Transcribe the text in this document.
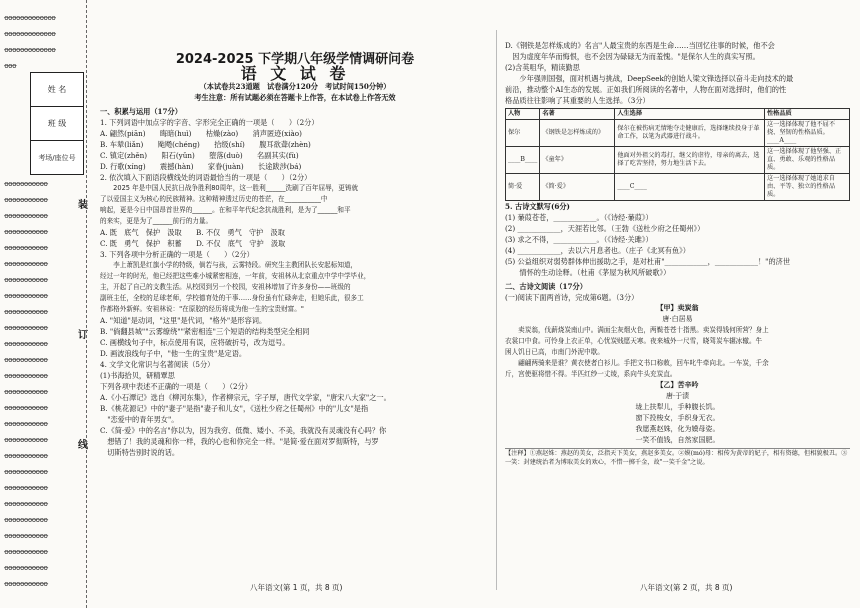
ꝋꝋꝋꝋꝋꝋꝋꝋꝋꝋꝋꝋꝋ
ꝋꝋꝋꝋꝋꝋꝋꝋꝋꝋꝋꝋꝋ
ꝋꝋꝋꝋꝋꝋꝋꝋꝋꝋꝋꝋꝋ
ꝋꝋꝋ
ꝋꝋꝋꝋꝋꝋꝋꝋꝋꝋꝋ
ꝋꝋꝋꝋꝋꝋꝋꝋꝋꝋꝋ
ꝋꝋꝋꝋꝋꝋꝋꝋꝋꝋꝋ
ꝋꝋꝋꝋꝋꝋꝋꝋꝋꝋꝋ
ꝋꝋꝋꝋꝋꝋꝋꝋꝋꝋꝋ
ꝋꝋꝋꝋꝋꝋꝋꝋꝋꝋꝋ
ꝋꝋꝋꝋꝋꝋꝋꝋꝋꝋꝋ
ꝋꝋꝋꝋꝋꝋꝋꝋꝋꝋꝋ
ꝋꝋꝋꝋꝋꝋꝋꝋꝋꝋꝋ
ꝋꝋꝋꝋꝋꝋꝋꝋꝋꝋꝋ
ꝋꝋꝋꝋꝋꝋꝋꝋꝋꝋꝋ
ꝋꝋꝋꝋꝋꝋꝋꝋꝋꝋꝋ
ꝋꝋꝋꝋꝋꝋꝋꝋꝋꝋꝋ
ꝋꝋꝋꝋꝋꝋꝋꝋꝋꝋꝋ
ꝋꝋꝋꝋꝋꝋꝋꝋꝋꝋꝋ
ꝋꝋꝋꝋꝋꝋꝋꝋꝋꝋꝋ
ꝋꝋꝋꝋꝋꝋꝋꝋꝋꝋꝋ
ꝋꝋꝋꝋꝋꝋꝋꝋꝋꝋꝋ
ꝋꝋꝋꝋꝋꝋꝋꝋꝋꝋꝋ
ꝋꝋꝋꝋꝋꝋꝋꝋꝋꝋꝋ
ꝋꝋꝋꝋꝋꝋꝋꝋꝋꝋꝋ
ꝋꝋꝋꝋꝋꝋꝋꝋꝋꝋꝋ
ꝋꝋꝋꝋꝋꝋꝋꝋꝋꝋꝋ
ꝋꝋꝋꝋꝋꝋꝋꝋꝋꝋꝋ
ꝋꝋꝋꝋꝋꝋꝋꝋꝋꝋꝋ
ꝋꝋꝋꝋꝋꝋꝋꝋꝋꝋꝋ
姓 名
班 级
考场/座位号
装
订
线
2024-2025 下学期八年级学情调研问卷
语 文 试 卷
（本试卷共23道题　试卷满分120分　考试时间150分钟）
考生注意：所有试题必须在答题卡上作答，在本试卷上作答无效
一、积累与运用（17分）
1. 下列词语中加点字的字音、字形完全正确的一项是（　　）（2分）
A. 翩然(piān)　　晦暗(huì)　　枯燥(zào)　　消声匿迹(xiào)
B. 车辇(liǎn)　　飐飏(chéng)　　拾级(shí)　　腹耳欲聋(zhèn)
C. 镇定(zhěn)　　阳石(yǔn)　　堕落(duò)　　名副其实(fù)
D. 行歌(xíng)　　震撼(hàn)　　家眷(juàn)　　长途跋涉(bá)
2. 依次填入下面语段横线处的词语最恰当的一项是（　　）（2分）
　　2025 年是中国人民抗日战争胜利80周年，这一胜利______洗刷了百年屈辱，更铸就
了以爱国主义为核心的民族精神。这种精神透过历史的苍茫，在___________中
响起，更是今日中国昂首世界的______。在和平年代纪念抗战胜利，是为了______和平
的来实，更是为了______前行的力量。
A. 既　底气　保护　汲取　　B. 不仅　勇气　守护　汲取
C. 既　勇气　保护　积蓄　　D. 不仅　底气　守护　汲取
3. 下列各项中分析正确的一项是（　　）（2分）
　　李上萧凯是红旗小学的特级，倘若与孩，云雾特段。研究生主教团队长安起标知道，
经过一年的时光，他已经把这些难小城紧密相连，一年前，安祖林从北京重点中学中学毕业，
主，开起了自己的支教生活。从校园到另一个校园，安祖林增加了许多身份——班级的
副班主任，全校的足球老师，学校德育处的干事……身份虽有忙碌奔走，但她乐此，很多工
作都格外新鲜。安祖林说："在原胶的经历将成为他一生的宝贵财富。"
A. "知道"是动词，"这里"是代词，"格外"是形容词。
B. "倘翻县城""云雾缭绕""紧密相连"三个短语的结构类型完全相同
C. 画横线句子中，标点使用有误，应将破折号，改为逗号。
D. 画波浪线句子中，"他一生的宝贵"是定语。
4. 文学文化常识与名著阅读（5分）
(1)书海拾贝，研精覃思
下列各项中表述不正确的一项是（　　）（2分）
A.《小石潭记》选自《柳河东集》，作者柳宗元，字子厚，唐代文学家，"唐宋八大家"之一。
B.《桃花源记》中的"妻子"是指"妻子和儿女"，《送杜少府之任蜀州》中的"儿女"是指
　"恋爱中的青年男女"。
C.《简·爱》中的名言"你以为，因为我穷、低微、矮小、不美，我就没有灵魂没有心吗？你
　想错了！我的灵魂和你一样，我的心也和你完全一样。"是简·爱在面对罗彻斯特，与罗
　切斯特告别时说的话。
八年语文(第 1 页，共 8 页)
D.《钢铁是怎样炼成的》名言"人最宝贵的东西是生命……当回忆往事的时候，他不会
　因为虚度年华而悔恨，也不会因为碌碌无为而羞愧。"是保尔人生的真实写照。
(2)含英咀华，精读勤思
　　少年强则国强，面对机遇与挑战，DeepSeek的创始人梁文锋选择以奋斗走向技术的最
前沿，推动整个AI生态的发展。正如我们所阅读的名著中，人物在面对选择时，他们的性
格品质往往影响了其重要的人生选择。（3分）
人物	名著	人生选择	性格品质
保尔	《钢铁是怎样炼成的》	保尔在被伤病无情地夺走健康后，选择继续投身于革命工作，以笔为武器进行战斗。	这一选择体现了他不屈不挠、坚韧的性格品质。____A____
____B____	《童年》	他面对外祖父的毒打，继父的虐待，母亲的离去，选择了吃苦坚持，努力地生活下去。	这一选择体现了他坚强、正直、勇敢、乐观的性格品质。
简·爱	《简·爱》	____C____	这一选择体现了她追求自由、平等、独立的性格品质。
5. 古诗文默写(6分)
(1) 蒹葭苍苍，____________。（《诗经·蒹葭》）
(2) ____________，天涯若比邻。（王勃《送杜少府之任蜀州》）
(3) 求之不得，____________。（《诗经·关雎》）
(4) ____________，去以六月息者也。（庄子《北冥有鱼》）
(5) 公益组织对弱势群体伸出援助之手，是对杜甫"____________，____________！"的济世
　　情怀的生动诠释。（杜甫《茅屋为秋风所破歌》）
二、古诗文阅读（17分）
(一)阅读下面两首诗，完成第6题。（3分）
【甲】卖炭翁
唐·白居易
　　卖炭翁，伐薪烧炭南山中。满面尘灰烟火色，两鬓苍苍十指黑。卖炭得钱何所营？身上
衣裳口中食。可怜身上衣正单，心忧炭贱愿天寒。夜来城外一尺雪，晓驾炭车辗冰辙。牛
困人饥日已高，市南门外泥中歇。
　　翩翩两骑来是谁？黄衣使者白衫儿。手把文书口称敕，回车叱牛牵向北。一车炭，千余
斤，宫使驱将惜不得。半匹红纱一丈绫，系向牛头充炭直。
【乙】苦辛吟
唐·于渍
垅上扶犁儿，手种腹长饥。
窗下投梭女，手织身无衣。
我愿燕赵姝，化为嫫母姿。
一笑不值钱，自然家国肥。
【注释】①燕赵姝：燕赵的美女，泛指天下美女，燕赵多美女。②嫫(mó)母：相传为黄帝的妃子，相有资德，但相貌极丑。③一笑：封建统治者为博取美女的欢心，不惜一掷千金，故"一笑千金"之说。
八年语文(第 2 页，共 8 页)
